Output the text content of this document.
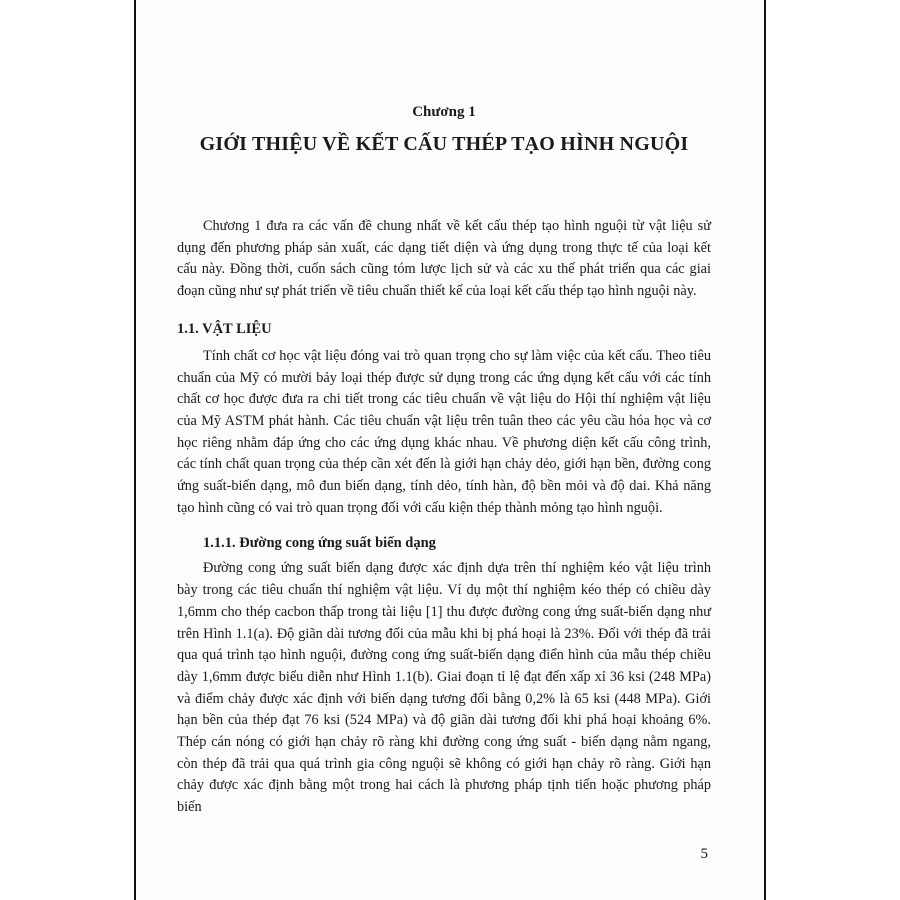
Chương 1

GIỚI THIỆU VỀ KẾT CẤU THÉP TẠO HÌNH NGUỘI

Chương 1 đưa ra các vấn đề chung nhất về kết cấu thép tạo hình nguội từ vật liệu sử dụng đến phương pháp sản xuất, các dạng tiết diện và ứng dụng trong thực tế của loại kết cấu này. Đồng thời, cuốn sách cũng tóm lược lịch sử và các xu thế phát triển qua các giai đoạn cũng như sự phát triển về tiêu chuẩn thiết kế của loại kết cấu thép tạo hình nguội này.

1.1. VẬT LIỆU

Tính chất cơ học vật liệu đóng vai trò quan trọng cho sự làm việc của kết cấu. Theo tiêu chuẩn của Mỹ có mười bảy loại thép được sử dụng trong các ứng dụng kết cấu với các tính chất cơ học được đưa ra chi tiết trong các tiêu chuẩn về vật liệu do Hội thí nghiệm vật liệu của Mỹ ASTM phát hành. Các tiêu chuẩn vật liệu trên tuân theo các yêu cầu hóa học và cơ học riêng nhằm đáp ứng cho các ứng dụng khác nhau. Về phương diện kết cấu công trình, các tính chất quan trọng của thép cần xét đến là giới hạn chảy dẻo, giới hạn bền, đường cong ứng suất-biến dạng, mô đun biến dạng, tính dẻo, tính hàn, độ bền mỏi và độ dai. Khả năng tạo hình cũng có vai trò quan trọng đối với cấu kiện thép thành mỏng tạo hình nguội.

1.1.1. Đường cong ứng suất biến dạng

Đường cong ứng suất biến dạng được xác định dựa trên thí nghiệm kéo vật liệu trình bày trong các tiêu chuẩn thí nghiệm vật liệu. Ví dụ một thí nghiệm kéo thép có chiều dày 1,6mm cho thép cacbon thấp trong tài liệu [1] thu được đường cong ứng suất-biến dạng như trên Hình 1.1(a). Độ giãn dài tương đối của mẫu khi bị phá hoại là 23%. Đối với thép đã trải qua quá trình tạo hình nguội, đường cong ứng suất-biến dạng điển hình của mẫu thép chiều dày 1,6mm được biểu diễn như Hình 1.1(b). Giai đoạn tỉ lệ đạt đến xấp xỉ 36 ksi (248 MPa) và điểm chảy được xác định với biến dạng tương đối bằng 0,2% là 65 ksi (448 MPa). Giới hạn bền của thép đạt 76 ksi (524 MPa) và độ giãn dài tương đối khi phá hoại khoảng 6%. Thép cán nóng có giới hạn chảy rõ ràng khi đường cong ứng suất - biến dạng nằm ngang, còn thép đã trải qua quá trình gia công nguội sẽ không có giới hạn chảy rõ ràng. Giới hạn chảy được xác định bằng một trong hai cách là phương pháp tịnh tiến hoặc phương pháp biến

5
